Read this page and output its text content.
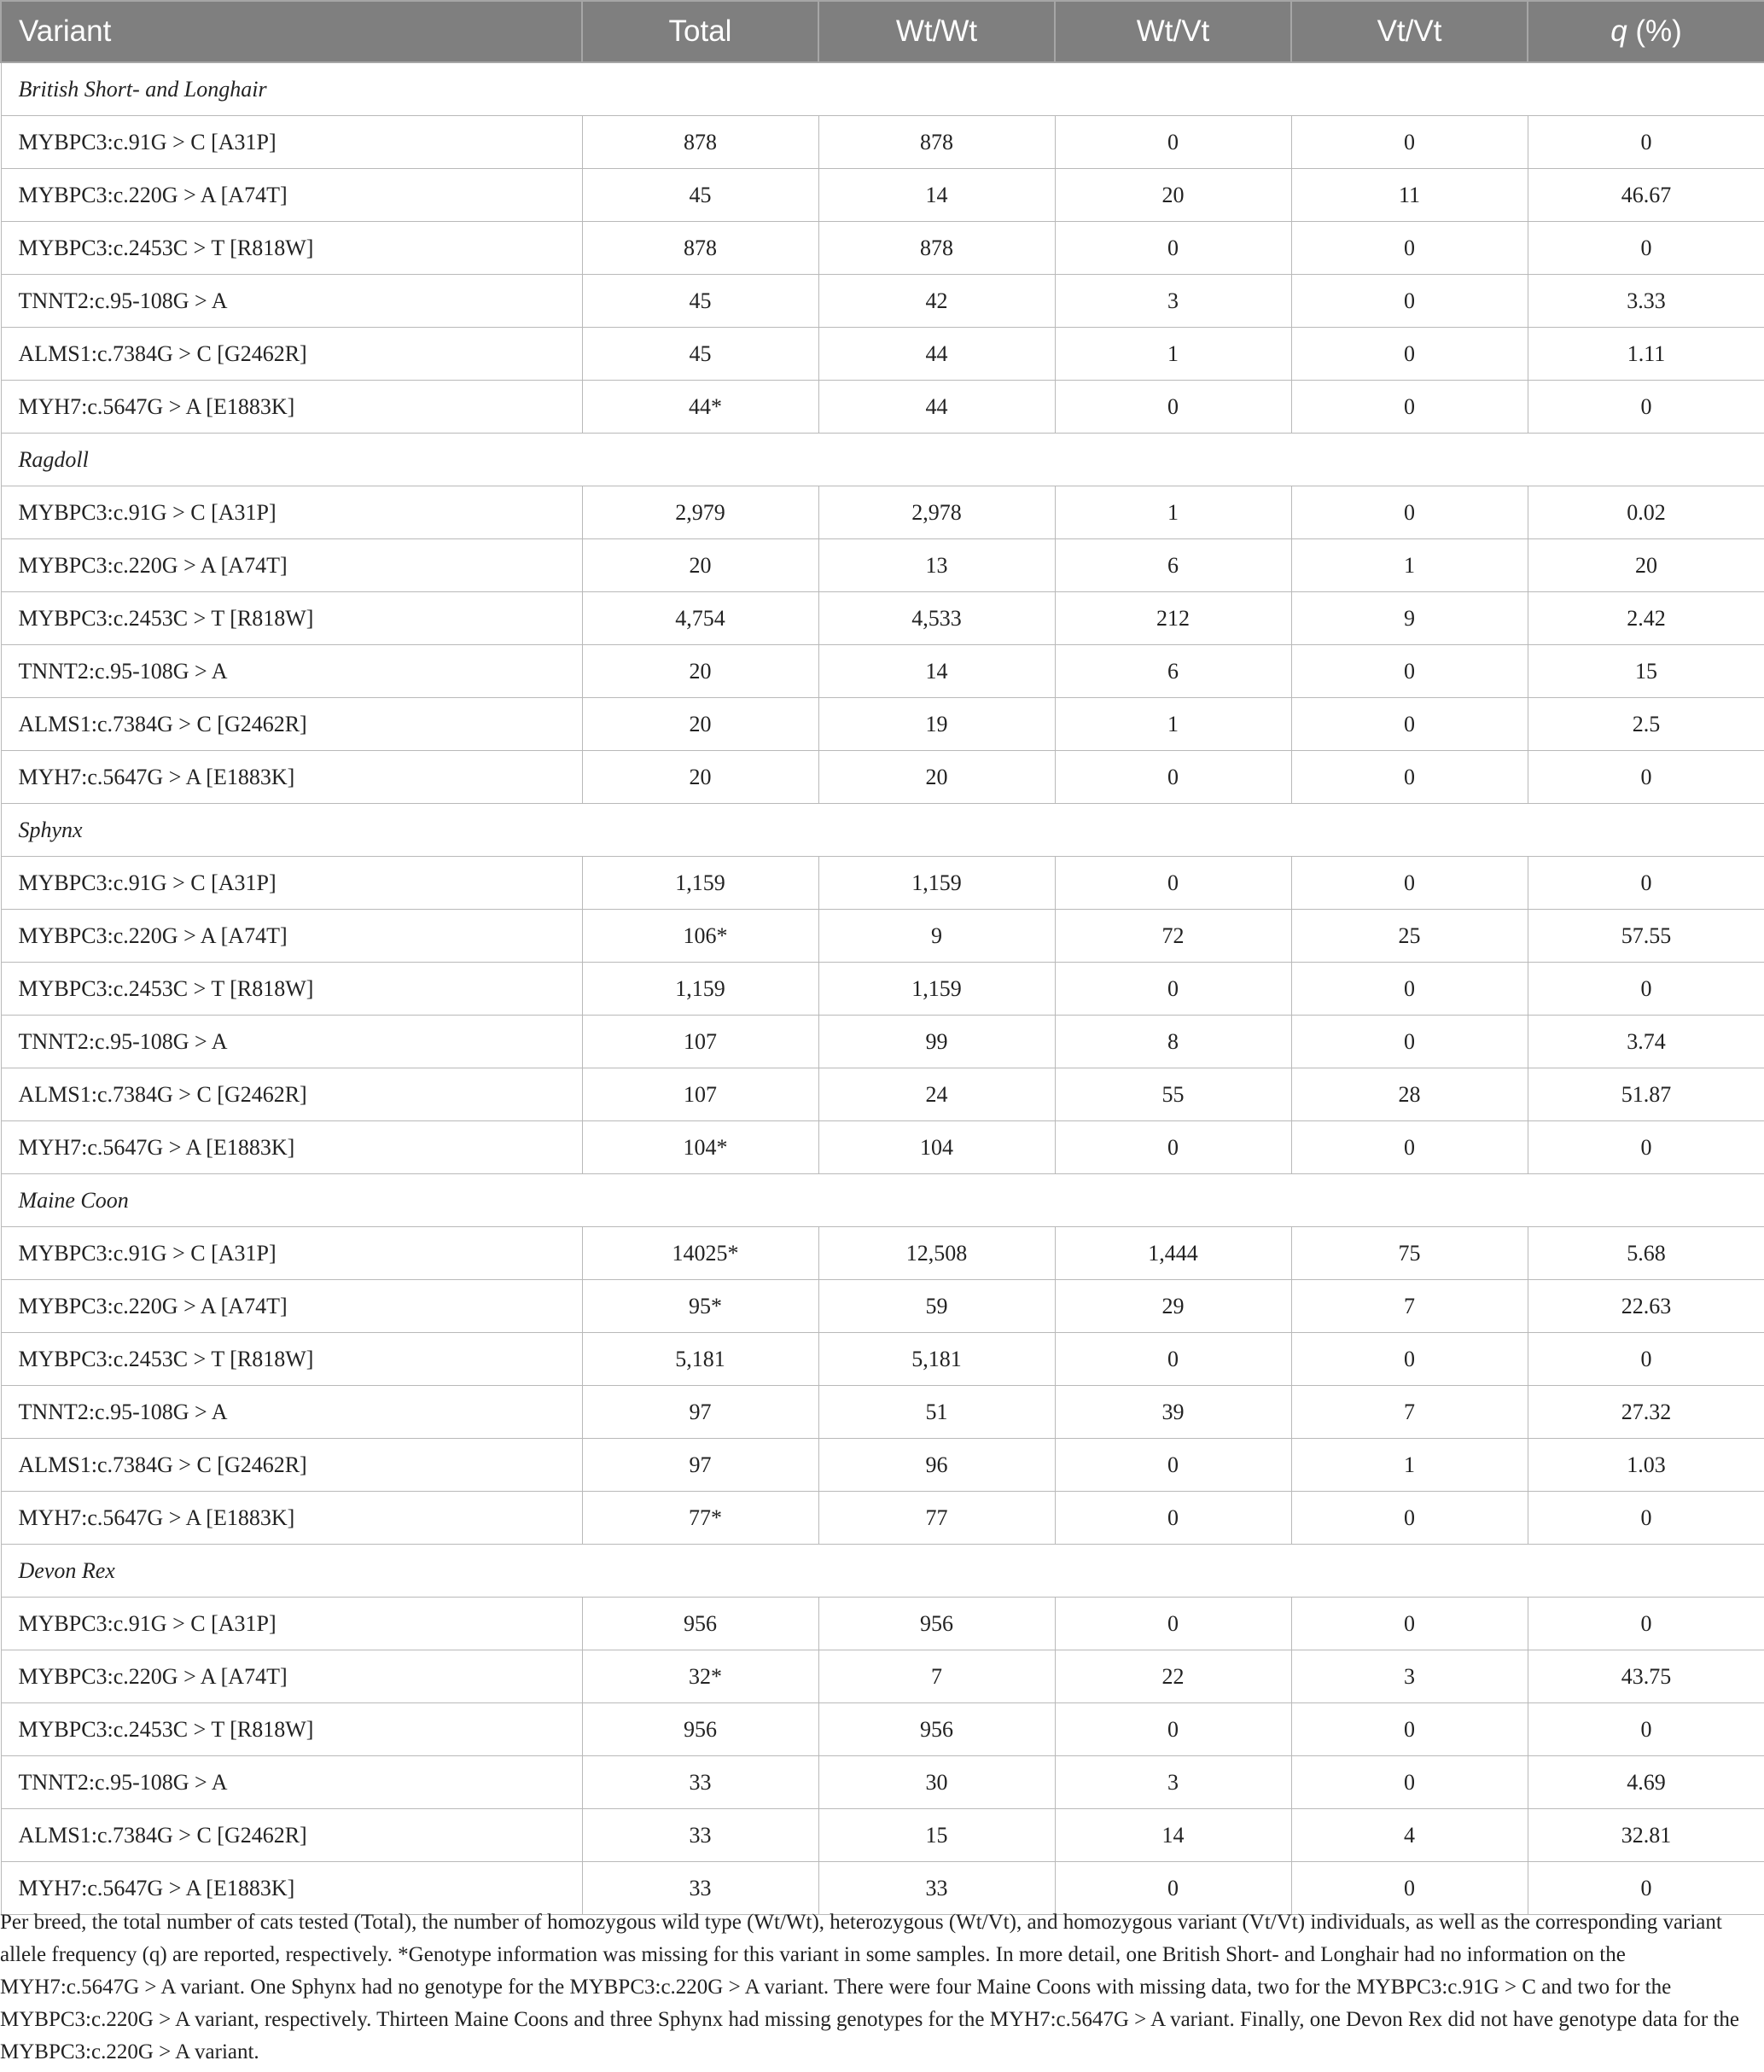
Variant	Total	Wt/Wt	Wt/Vt	Vt/Vt	q (%)
British Short- and Longhair					
MYBPC3:c.91G > C [A31P]	878	878	0	0	0
MYBPC3:c.220G > A [A74T]	45	14	20	11	46.67
MYBPC3:c.2453C > T [R818W]	878	878	0	0	0
TNNT2:c.95-108G > A	45	42	3	0	3.33
ALMS1:c.7384G > C [G2462R]	45	44	1	0	1.11
MYH7:c.5647G > A [E1883K]	44*	44	0	0	0
Ragdoll					
MYBPC3:c.91G > C [A31P]	2,979	2,978	1	0	0.02
MYBPC3:c.220G > A [A74T]	20	13	6	1	20
MYBPC3:c.2453C > T [R818W]	4,754	4,533	212	9	2.42
TNNT2:c.95-108G > A	20	14	6	0	15
ALMS1:c.7384G > C [G2462R]	20	19	1	0	2.5
MYH7:c.5647G > A [E1883K]	20	20	0	0	0
Sphynx					
MYBPC3:c.91G > C [A31P]	1,159	1,159	0	0	0
MYBPC3:c.220G > A [A74T]	106*	9	72	25	57.55
MYBPC3:c.2453C > T [R818W]	1,159	1,159	0	0	0
TNNT2:c.95-108G > A	107	99	8	0	3.74
ALMS1:c.7384G > C [G2462R]	107	24	55	28	51.87
MYH7:c.5647G > A [E1883K]	104*	104	0	0	0
Maine Coon					
MYBPC3:c.91G > C [A31P]	14025*	12,508	1,444	75	5.68
MYBPC3:c.220G > A [A74T]	95*	59	29	7	22.63
MYBPC3:c.2453C > T [R818W]	5,181	5,181	0	0	0
TNNT2:c.95-108G > A	97	51	39	7	27.32
ALMS1:c.7384G > C [G2462R]	97	96	0	1	1.03
MYH7:c.5647G > A [E1883K]	77*	77	0	0	0
Devon Rex					
MYBPC3:c.91G > C [A31P]	956	956	0	0	0
MYBPC3:c.220G > A [A74T]	32*	7	22	3	43.75
MYBPC3:c.2453C > T [R818W]	956	956	0	0	0
TNNT2:c.95-108G > A	33	30	3	0	4.69
ALMS1:c.7384G > C [G2462R]	33	15	14	4	32.81
MYH7:c.5647G > A [E1883K]	33	33	0	0	0

Per breed, the total number of cats tested (Total), the number of homozygous wild type (Wt/Wt), heterozygous (Wt/Vt), and homozygous variant (Vt/Vt) individuals, as well as the corresponding variant allele frequency (q) are reported, respectively. *Genotype information was missing for this variant in some samples. In more detail, one British Short- and Longhair had no information on the MYH7:c.5647G > A variant. One Sphynx had no genotype for the MYBPC3:c.220G > A variant. There were four Maine Coons with missing data, two for the MYBPC3:c.91G > C and two for the MYBPC3:c.220G > A variant, respectively. Thirteen Maine Coons and three Sphynx had missing genotypes for the MYH7:c.5647G > A variant. Finally, one Devon Rex did not have genotype data for the MYBPC3:c.220G > A variant.
